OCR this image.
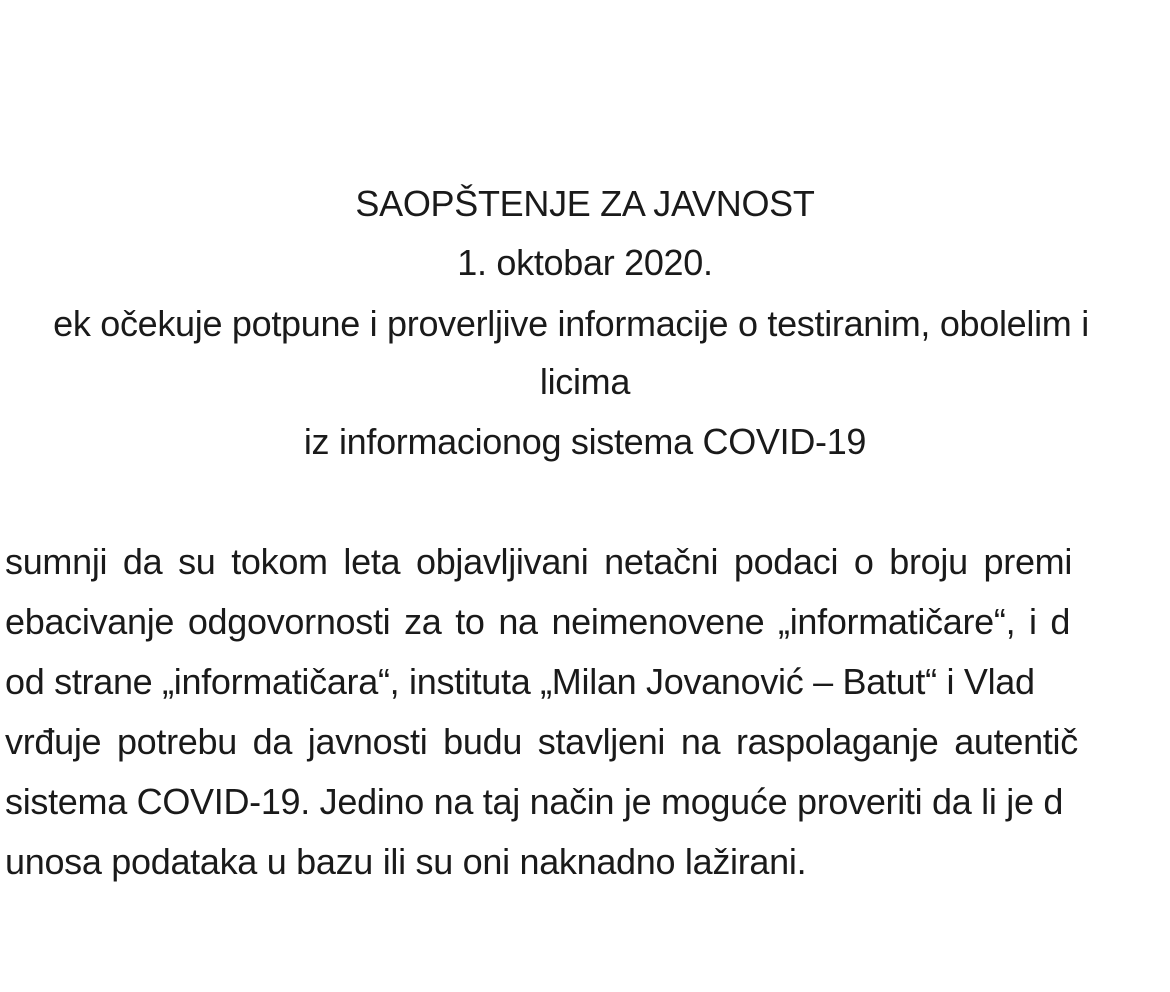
SAOPŠTENJE ZA JAVNOST
1. oktobar 2020.
ek očekuje potpune i proverljive informacije o testiranim, obolelim i
licima
iz informacionog sistema COVID-19
sumnji da su tokom leta objavljivani netačni podaci o broju premi
ebacivanje odgovornosti za to na neimenovene „informatičare“, i d
od strane „informatičara“, instituta „Milan Jovanović – Batut“ i Vlad
vrđuje potrebu da javnosti budu stavljeni na raspolaganje autentič
sistema COVID-19. Jedino na taj način je moguće proveriti da li je d
unosa podataka u bazu ili su oni naknadno lažirani.
